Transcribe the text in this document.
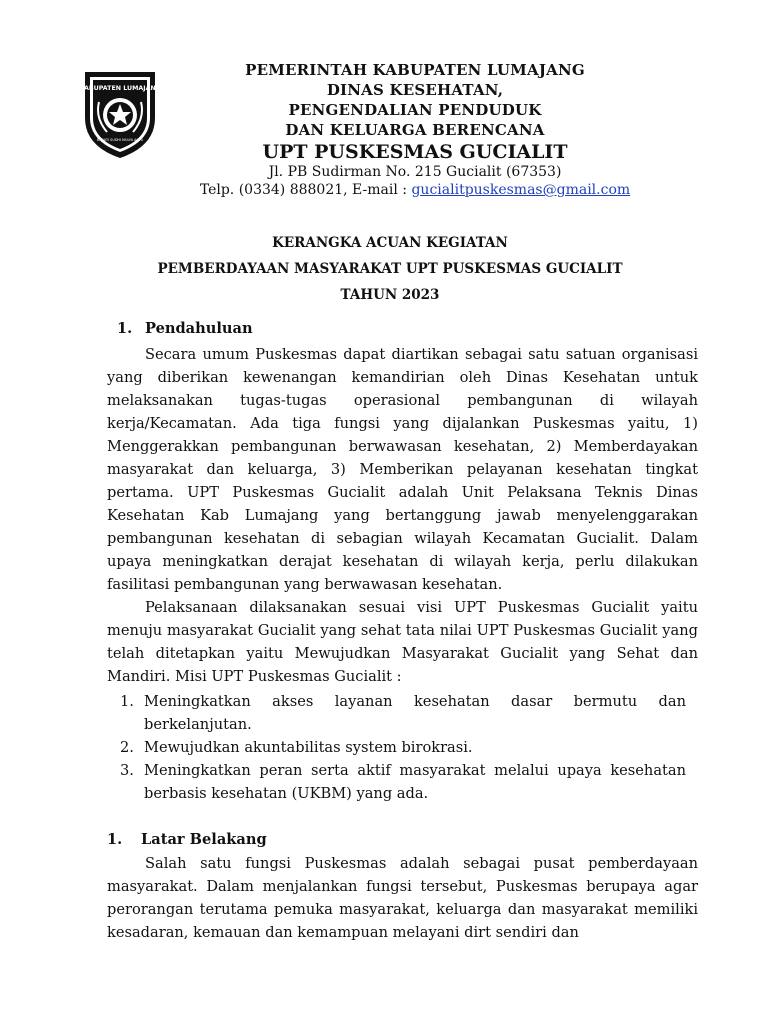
KABUPATEN LUMAJANG
BHAKTI SUDHI MULYA ASTU
PEMERINTAH KABUPATEN LUMAJANG
DINAS KESEHATAN,
PENGENDALIAN PENDUDUK
DAN KELUARGA BERENCANA
UPT PUSKESMAS GUCIALIT
Jl. PB Sudirman No. 215 Gucialit (67353)
Telp. (0334) 888021, E-mail : gucialitpuskesmas@gmail.com
KERANGKA ACUAN KEGIATAN
PEMBERDAYAAN MASYARAKAT UPT PUSKESMAS GUCIALIT
TAHUN 2023
1. Pendahuluan

Secara umum Puskesmas dapat diartikan sebagai satu satuan organisasi yang diberikan kewenangan kemandirian oleh Dinas Kesehatan untuk melaksanakan tugas-tugas operasional pembangunan di wilayah kerja/Kecamatan. Ada tiga fungsi yang dijalankan Puskesmas yaitu, 1) Menggerakkan pembangunan berwawasan kesehatan, 2) Memberdayakan masyarakat dan keluarga, 3) Memberikan pelayanan kesehatan tingkat pertama. UPT Puskesmas Gucialit adalah Unit Pelaksana Teknis Dinas Kesehatan Kab Lumajang yang bertanggung jawab menyelenggarakan pembangunan kesehatan di sebagian wilayah Kecamatan Gucialit. Dalam upaya meningkatkan derajat kesehatan di wilayah kerja, perlu dilakukan fasilitasi pembangunan yang berwawasan kesehatan.

Pelaksanaan dilaksanakan sesuai visi UPT Puskesmas Gucialit yaitu menuju masyarakat Gucialit yang sehat tata nilai UPT Puskesmas Gucialit yang telah ditetapkan yaitu Mewujudkan Masyarakat Gucialit yang Sehat dan Mandiri. Misi UPT Puskesmas Gucialit :

1. Meningkatkan akses layanan kesehatan dasar bermutu dan berkelanjutan.
2. Mewujudkan akuntabilitas system birokrasi.
3. Meningkatkan peran serta aktif masyarakat melalui upaya kesehatan berbasis kesehatan (UKBM) yang ada.
1. Latar Belakang

Salah satu fungsi Puskesmas adalah sebagai pusat pemberdayaan masyarakat. Dalam menjalankan fungsi tersebut, Puskesmas berupaya agar perorangan terutama pemuka masyarakat, keluarga dan masyarakat memiliki kesadaran, kemauan dan kemampuan melayani dirt sendiri dan
